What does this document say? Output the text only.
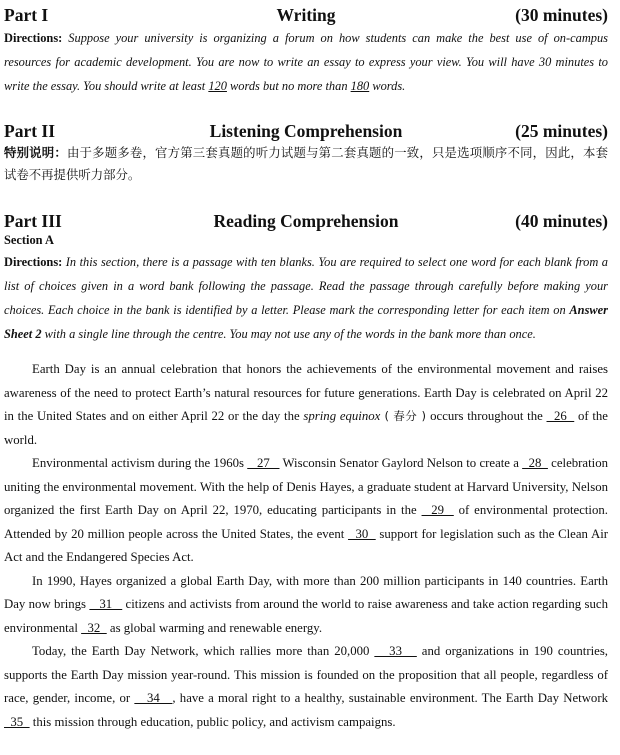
Part I	Writing	(30 minutes)
Directions: Suppose your university is organizing a forum on how students can make the best use of on-campus resources for academic development. You are now to write an essay to express your view. You will have 30 minutes to write the essay. You should write at least 120 words but no more than 180 words.
Part II	Listening Comprehension	(25 minutes)
特别说明：由于多题多卷，官方第三套真题的听力试题与第二套真题的一致，只是选项顺序不同，因此，本套试卷不再提供听力部分。
Part III	Reading Comprehension	(40 minutes)
Section A
Directions: In this section, there is a passage with ten blanks. You are required to select one word for each blank from a list of choices given in a word bank following the passage. Read the passage through carefully before making your choices. Each choice in the bank is identified by a letter. Please mark the corresponding letter for each item on Answer Sheet 2 with a single line through the centre. You may not use any of the words in the bank more than once.

Earth Day is an annual celebration that honors the achievements of the environmental movement and raises awareness of the need to protect Earth’s natural resources for future generations. Earth Day is celebrated on April 22 in the United States and on either April 22 or the day the spring equinox ( 春分 ) occurs throughout the   26   of the world.

Environmental activism during the 1960s    27    Wisconsin Senator Gaylord Nelson to create a   28   celebration uniting the environmental movement. With the help of Denis Hayes, a graduate student at Harvard University, Nelson organized the first Earth Day on April 22, 1970, educating participants in the   29   of environmental protection. Attended by 20 million people across the United States, the event   30   support for legislation such as the Clean Air Act and the Endangered Species Act.

In 1990, Hayes organized a global Earth Day, with more than 200 million participants in 140 countries. Earth Day now brings    31    citizens and activists from around the world to raise awareness and take action regarding such environmental   32   as global warming and renewable energy.

Today, the Earth Day Network, which rallies more than 20,000    33    and organizations in 190 countries, supports the Earth Day mission year-round. This mission is founded on the proposition that all people, regardless of race, gender, income, or    34   , have a moral right to a healthy, sustainable environment. The Earth Day Network   35   this mission through education, public policy, and activism campaigns.
